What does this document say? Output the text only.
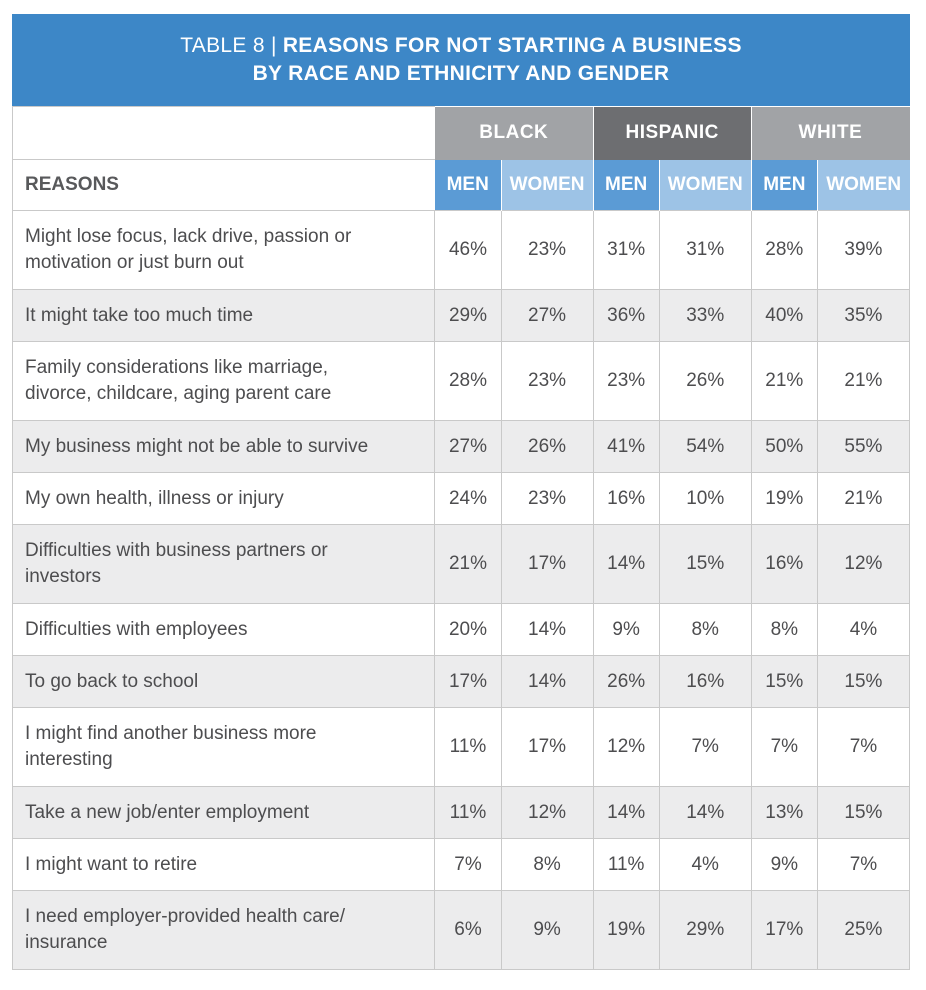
TABLE 8 | REASONS FOR NOT STARTING A BUSINESS
BY RACE AND ETHNICITY AND GENDER
	BLACK		HISPANIC		WHITE	
REASONS	MEN	WOMEN	MEN	WOMEN	MEN	WOMEN

Might lose focus, lack drive, passion or
motivation or just burn out	46%	23%	31%	31%	28%	39%
It might take too much time	29%	27%	36%	33%	40%	35%

Family considerations like marriage,
divorce, childcare, aging parent care	28%	23%	23%	26%	21%	21%
My business might not be able to survive	27%	26%	41%	54%	50%	55%
My own health, illness or injury	24%	23%	16%	10%	19%	21%

Difficulties with business partners or
investors	21%	17%	14%	15%	16%	12%
Difficulties with employees	20%	14%	9%	8%	8%	4%
To go back to school	17%	14%	26%	16%	15%	15%

I might find another business more
interesting	11%	17%	12%	7%	7%	7%
Take a new job/enter employment	11%	12%	14%	14%	13%	15%
I might want to retire	7%	8%	11%	4%	9%	7%

I need employer-provided health care/
insurance	6%	9%	19%	29%	17%	25%
